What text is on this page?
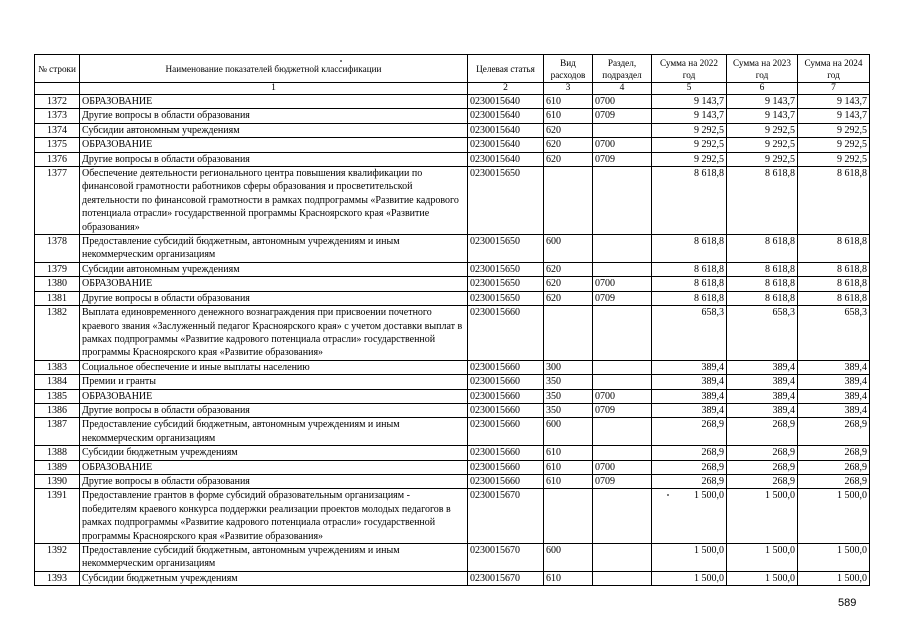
№ строки	Наименование показателей бюджетной классификации	Целевая статья	Вид расходов	Раздел, подраздел	Сумма на 2022 год	Сумма на 2023 год	Сумма на 2024 год
	1	2	3	4	5	6	7
1372	ОБРАЗОВАНИЕ	0230015640	610	0700	9 143,7	9 143,7	9 143,7
1373	Другие вопросы в области образования	0230015640	610	0709	9 143,7	9 143,7	9 143,7
1374	Субсидии автономным учреждениям	0230015640	620		9 292,5	9 292,5	9 292,5
1375	ОБРАЗОВАНИЕ	0230015640	620	0700	9 292,5	9 292,5	9 292,5
1376	Другие вопросы в области образования	0230015640	620	0709	9 292,5	9 292,5	9 292,5
1377	Обеспечение деятельности регионального центра повышения квалификации по финансовой грамотности работников сферы образования и просветительской деятельности по финансовой грамотности в рамках подпрограммы «Развитие кадрового потенциала отрасли» государственной программы Красноярского края «Развитие образования»	0230015650			8 618,8	8 618,8	8 618,8
1378	Предоставление субсидий бюджетным, автономным учреждениям и иным некоммерческим организациям	0230015650	600		8 618,8	8 618,8	8 618,8
1379	Субсидии автономным учреждениям	0230015650	620		8 618,8	8 618,8	8 618,8
1380	ОБРАЗОВАНИЕ	0230015650	620	0700	8 618,8	8 618,8	8 618,8
1381	Другие вопросы в области образования	0230015650	620	0709	8 618,8	8 618,8	8 618,8
1382	Выплата единовременного денежного вознаграждения при присвоении почетного краевого звания «Заслуженный педагог Красноярского края» с учетом доставки выплат в рамках подпрограммы «Развитие кадрового потенциала отрасли» государственной программы Красноярского края «Развитие образования»	0230015660			658,3	658,3	658,3
1383	Социальное обеспечение и иные выплаты населению	0230015660	300		389,4	389,4	389,4
1384	Премии и гранты	0230015660	350		389,4	389,4	389,4
1385	ОБРАЗОВАНИЕ	0230015660	350	0700	389,4	389,4	389,4
1386	Другие вопросы в области образования	0230015660	350	0709	389,4	389,4	389,4
1387	Предоставление субсидий бюджетным, автономным учреждениям и иным некоммерческим организациям	0230015660	600		268,9	268,9	268,9
1388	Субсидии бюджетным учреждениям	0230015660	610		268,9	268,9	268,9
1389	ОБРАЗОВАНИЕ	0230015660	610	0700	268,9	268,9	268,9
1390	Другие вопросы в области образования	0230015660	610	0709	268,9	268,9	268,9
1391	Предоставление грантов в форме субсидий образовательным организациям - победителям краевого конкурса поддержки реализации проектов молодых педагогов в рамках подпрограммы «Развитие кадрового потенциала отрасли» государственной программы Красноярского края «Развитие образования»	0230015670			1 500,0	1 500,0	1 500,0
1392	Предоставление субсидий бюджетным, автономным учреждениям и иным некоммерческим организациям	0230015670	600		1 500,0	1 500,0	1 500,0
1393	Субсидии бюджетным учреждениям	0230015670	610		1 500,0	1 500,0	1 500,0
589
